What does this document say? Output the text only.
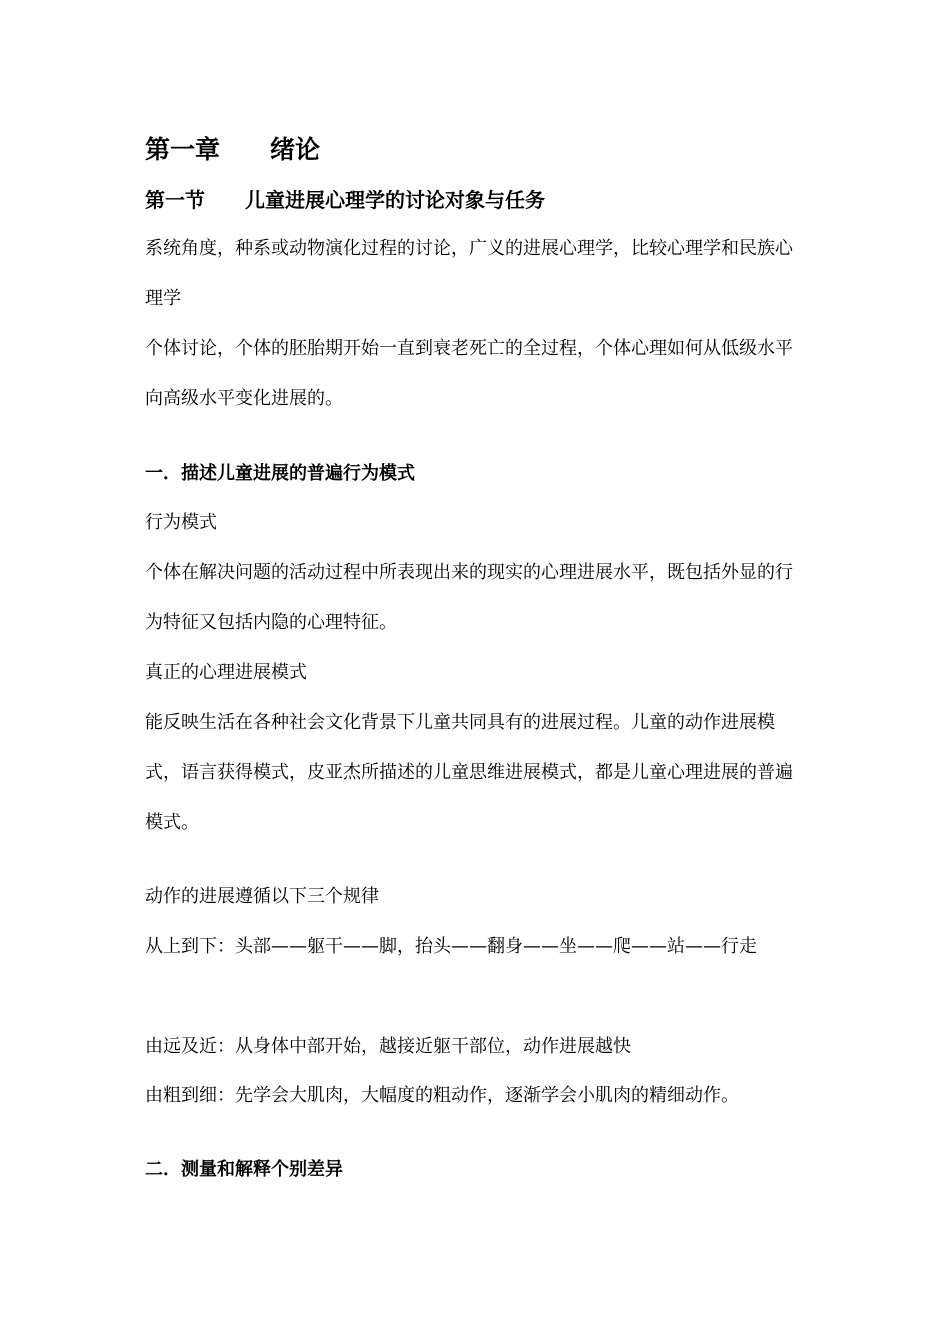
第一章　　绪论
第一节　　儿童进展心理学的讨论对象与任务
系统角度，种系或动物演化过程的讨论，广义的进展心理学，比较心理学和民族心理学
个体讨论，个体的胚胎期开始一直到衰老死亡的全过程，个体心理如何从低级水平向高级水平变化进展的。
一．描述儿童进展的普遍行为模式
行为模式
个体在解决问题的活动过程中所表现出来的现实的心理进展水平，既包括外显的行为特征又包括内隐的心理特征。
真正的心理进展模式
能反映生活在各种社会文化背景下儿童共同具有的进展过程。儿童的动作进展模式，语言获得模式，皮亚杰所描述的儿童思维进展模式，都是儿童心理进展的普遍模式。
动作的进展遵循以下三个规律
从上到下：头部——躯干——脚，抬头——翻身——坐——爬——站——行走
由远及近：从身体中部开始，越接近躯干部位，动作进展越快
由粗到细：先学会大肌肉，大幅度的粗动作，逐渐学会小肌肉的精细动作。
二．测量和解释个别差异
